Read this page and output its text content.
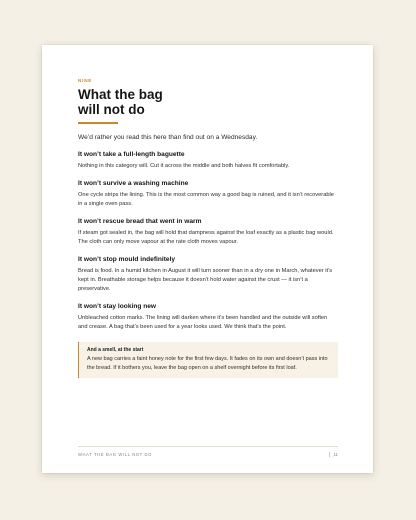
NINE
What the bag will not do

We’d rather you read this here than find out on a Wednesday.

It won’t take a full-length baguette

Nothing in this category will. Cut it across the middle and both halves fit comfortably.

It won’t survive a washing machine

One cycle strips the lining. This is the most common way a good bag is ruined, and it isn’t recoverable in a single oven pass.

It won’t rescue bread that went in warm

If steam got sealed in, the bag will hold that dampness against the loaf exactly as a plastic bag would. The cloth can only move vapour at the rate cloth moves vapour.

It won’t stop mould indefinitely

Bread is food. In a humid kitchen in August it will turn sooner than in a dry one in March, whatever it’s kept in. Breathable storage helps because it doesn’t hold water against the crust — it isn’t a preservative.

It won’t stay looking new

Unbleached cotton marks. The lining will darken where it’s been handled and the outside will soften and crease. A bag that’s been used for a year looks used. We think that’s the point.

And a smell, at the start

A new bag carries a faint honey note for the first few days. It fades on its own and doesn’t pass into the bread. If it bothers you, leave the bag open on a shelf overnight before its first loaf.

WHAT THE BAG WILL NOT DO	11
